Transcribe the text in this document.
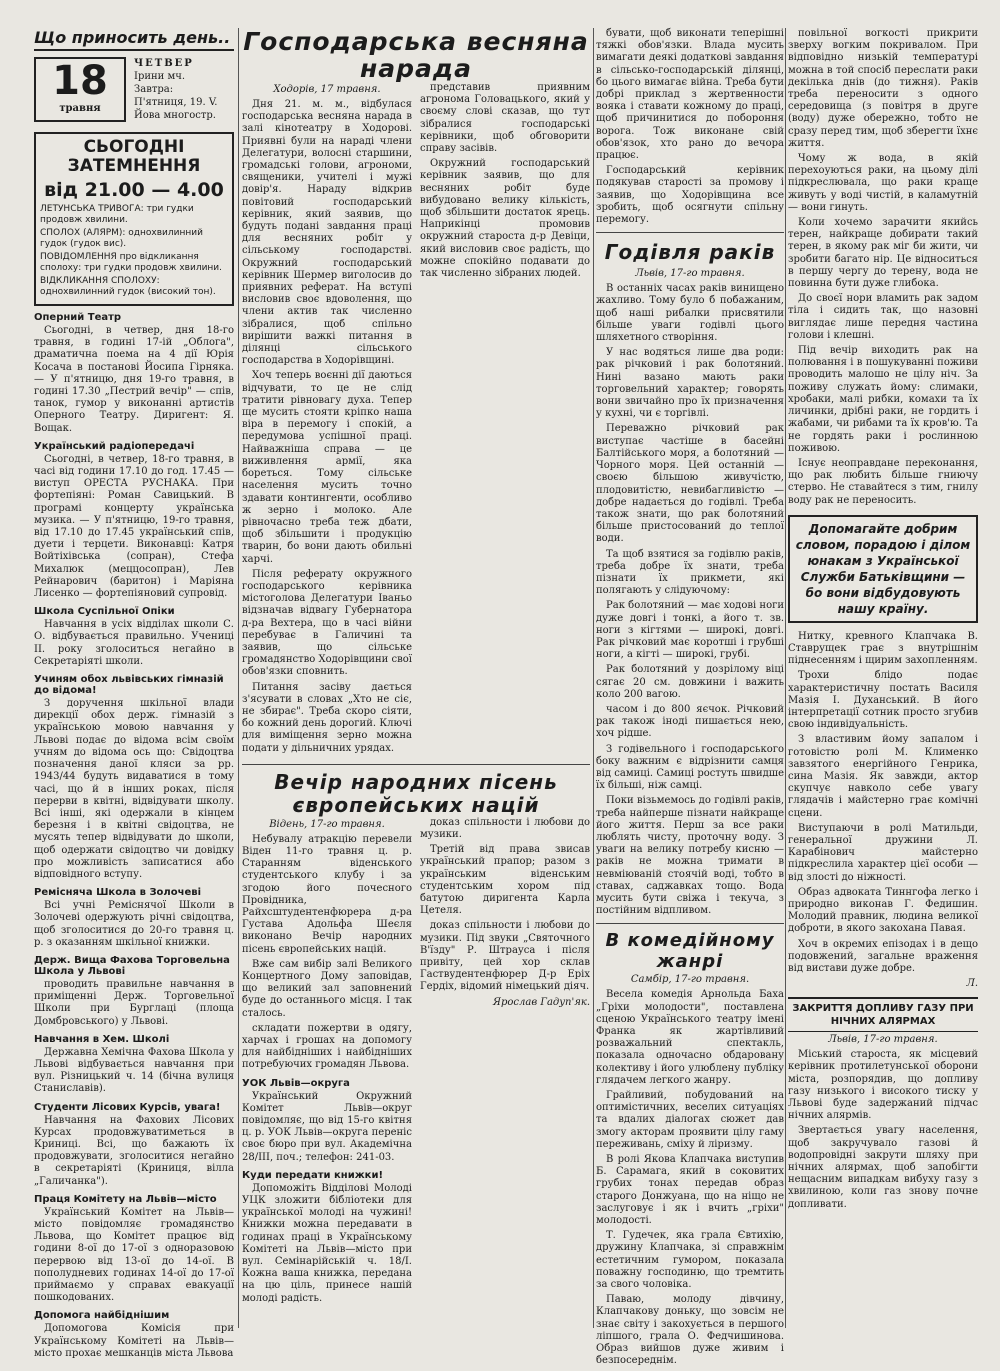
Що приносить день..
18
травня
ЧЕТВЕР
Ірини мч.
Завтра:
П'ятниця, 19. V.
Йова многостр.
СЬОГОДНІ ЗАТЕМНЕННЯ
від 21.00 — 4.00
ЛЕТУНСЬКА ТРИВОГА: три гудки продовж хвилини.
СПОЛОХ (АЛЯРМ): однохвилинний гудок (гудок вис).
ПОВІДОМЛЕННЯ про відкликання сполоху: три гудки продовж хвилини.
ВІДКЛИКАННЯ СПОЛОХУ: однохвилинний гудок (високий тон).
Оперний Театр

Сьогодні, в четвер, дня 18-го травня, в годині 17-ій „Облога", драматична поема на 4 дії Юрія Косача в постанові Йосипа Гірняка. — У п'ятницю, дня 19-го травня, в годині 17.30 „Пестрий вечір" — спів, танок, гумор у виконанні артистів Оперного Театру. Диригент: Я. Вощак.

Український радіопередачі

Сьогодні, в четвер, 18-го травня, в часі від години 17.10 до год. 17.45 — виступ ОРЕСТА РУСНАКА. При фортепіяні: Роман Савицький. В програмі концерту українська музика. — У п'ятницю, 19-го травня, від 17.10 до 17.45 український спів, дуети і терцети. Виконавці: Катря Войтіхівська (сопран), Стефа Михалюк (меццосопран), Лев Рейнарович (баритон) і Маріяна Лисенко — фортепіяновий супровід.

Школа Суспільної Опіки

Навчання в усіх відділах школи С. О. відбувається правильно. Учениці II. року зголоситься негайно в Секретаріяті школи.

Учиням обох львівських гімназій до відома!

З доручення шкільної влади дирекції обох держ. гімназій з українською мовою навчання у Львові подає до відома всім своїм учням до відома ось що: Свідоцтва позначення даної кляси за рр. 1943/44 будуть видаватися в тому часі, що й в інших роках, після перерви в квітні, відвідувати школу. Всі інші, які одержали в кінцем березня і в квітні свідоцтва, не мусять тепер відвідувати до школи, щоб одержати свідоцтво чи довідку про можливість записатися або відповідного вступу.

Ремісняча Школа в Золочеві

Всі учні Реміснячої Школи в Золочеві одержують річні свідоцтва, щоб зголоситися до 20-го травня ц. р. з оказанням шкільної книжки.

Держ. Вища Фахова Торговельна Школа у Львові

проводить правильне навчання в приміщенні Держ. Торговельної Школи при Бурглаці (площа Домбровського) у Львові.

Навчання в Хем. Школі

Державна Хемічна Фахова Школа у Львові відбувається навчання при вул. Різницький ч. 14 (бічна вулиця Станиславів).

Студенти Лісових Курсів, увага!

Навчання на Фахових Лісових Курсах продовжуватиметься в Криниці. Всі, що бажають їх продовжувати, зголоситися негайно в секретаріяті (Криниця, вілла „Галичанка").

Праця Комітету на Львів—місто

Український Комітет на Львів—місто повідомляє громадянство Львова, що Комітет працює від години 8-ої до 17-ої з одноразовою перервою від 13-ої до 14-ої. В пополудневих годинах 14-ої до 17-ої приймаємо у справах евакуації пошкодованих.

Допомога найбіднішим

Допомогова Комісія при Українському Комітеті на Львів—місто прохає мешканців міста Львова

Господарська весняна нарада
Ходорів, 17 травня.

Дня 21. м. м., відбулася господарська весняна нарада в залі кінотеатру в Ходорові. Приявні були на нараді члени Делегатури, волосні старшини, громадські голови, агрономи, священики, учителі і мужі довір'я. Нараду відкрив повітовий господарський керівник, який заявив, що будуть подані завдання праці для весняних робіт у сільському господарстві. Окружний господарський керівник Шермер виголосив до приявних реферат. На вступі висловив своє вдоволення, що члени актив так численно зібралися, щоб спільно вирішити важкі питання в ділянці сільського господарства в Ходорівщині.

Хоч теперь воєнні дії даються відчувати, то це не слід тратити рівновагу духа. Тепер ще мусить стояти кріпко наша віра в перемогу і спокій, а передумова успішної праці. Найважніша справа — це виживлення армії, яка бореться. Тому сільське населення мусить точно здавати контингенти, особливо ж зерно і молоко. Але рівночасно треба теж дбати, щоб збільшити і продукцію тварин, бо вони дають обильні харчі.

Після реферату окружного господарського керівника містоголова Делегатури Іваньо відзначав відвагу Губернатора д-ра Вехтера, що в часі війни перебуває в Галичині та заявив, що сільське громадянство Ходорівщини свої обов'язки сповнить.

Питання засіву дається з'ясувати в словах „Хто не сіє, не збирає". Треба скоро сіяти, бо кожний день дорогий. Ключі для виміщення зерно можна подати у дільничних урядах.

представив приявним агронома Головацького, який у своєму слові сказав, що тут зібралися господарські керівники, щоб обговорити справу засівів.

Окружний господарський керівник заявив, що для весняних робіт буде вибудовано велику кількість, щоб збільшити достаток ярець. Наприкінці промовив окружний староста д-р Девіци, який висловив своє радість, що можне спокійно подавати до так численно зібраних людей.

Вечір народних пісень європейських націй
Відень, 17-го травня.

Небувалу атракцію перевели Віден 11-го травня ц. р. Старанням віденського студентського клубу і за згодою його почесного Провідника, Райхсштудентенфюрера д-ра Густава Адольфа Шеєля виконано Вечір народних пісень європейських націй.

Вже сам вибір залі Великого Концертного Дому заповідав, що великий зал заповнений буде до останнього місця. І так сталось.

складати пожертви в одягу, харчах і грошах на допомогу для найбідніших і найбідніших потребуючих громадян Львова.

УОК Львів—округа

Український Окружний Комітет Львів—округ повідомляє, що від 15-го квітня ц. р. УОК Львів—округа переніс своє бюро при вул. Академічна 28/III, поч.; телефон: 241-03.

Куди передати книжки!

Допоможіть Відділові Молоді УЦК зложити бібліотеки для української молоді на чужині! Книжки можна передавати в годинах праці в Українському Комітеті на Львів—місто при вул. Семінарійській ч. 18/I. Кожна ваша книжка, передана на цю ціль, принесе нашій молоді радість.

доказ спільности і любови до музики.

Третій від права звисав український прапор; разом з українським віденським студентським хором під батутою диригента Карла Цетеля.

доказ спільности і любови до музики. Під звуки „Святочного В'їзду" Р. Штрауса і після привіту, цей хор склав Гаствудентенфюрер Д-р Еріх Гердіх, відомий німецький діяч.

Ярослав Гадуп'як.

бувати, щоб виконати теперішні тяжкі обов'язки. Влада мусить вимагати деякі додаткові завдання в сільсько-господарській ділянці, бо цього вимагає війна. Треба бути добрі приклад з жертвенности вояка і ставати кожному до праці, щоб причинитися до побороння ворога. Тож виконане свій обов'язок, хто рано до вечора працює.

Господарський керівник подякував старості за промову і заявив, що Ходорівщина все зробить, щоб осягнути спільну перемогу.

Годівля раків
Львів, 17-го травня.

В останніх часах раків винищено жахливо. Тому було б побажаним, щоб наші рибалки присвятили більше уваги годівлі цього шляхетного створіння.

У нас водяться лише два роди: рак річковий і рак болотяний. Нині вазано мають раки торговельний характер; говорять вони звичайно про їх призначення у кухні, чи є торгівлі.

Переважно річковий рак виступає частіше в басейні Балтійського моря, а болотяний — Чорного моря. Цей останній — своєю більшою живучістю, плодовитістю, невибагливістю — добре надається до годівлі. Треба також знати, що рак болотяний більше пристосований до теплої води.

Та щоб взятися за годівлю раків, треба добре їх знати, треба пізнати їх прикмети, які полягають у слідуючому:

Рак болотяний — має ходові ноги дуже довгі і тонкі, а його т. зв. ноги з кігтями — широкі, довгі. Рак річковий має коротші і грубші ноги, а кігті — широкі, грубі.

Рак болотяний у дозрілому віці сягає 20 см. довжини і важить коло 200 вагою.

часом і до 800 яєчок. Річковий рак також іноді пишається нею, хоч рідше.

З годівельного і господарського боку важним є відрізнити самця від самиці. Самиці ростуть швидше їх більші, ніж самці.

Поки візьмемось до годівлі раків, треба найперше пізнати найкраще його життя. Перш за все раки люблять чисту, проточну воду. З уваги на велику потребу кисню — раків не можна тримати в невміюваній стоячій воді, тобто в ставах, саджавках тощо. Вода мусить бути свіжа і текуча, з постійним відпливом.

В комедійному жанрі
Самбір, 17-го травня.

Весела комедія Арнольда Баха „Гріхи молодости", поставлена сценою Українського театру імені Франка як жартівливий розважальний спектакль, показала одночасно обдаровану колективу і його улюблену публіку глядачем легкого жанру.

Грайливий, побудований на оптимістичних, веселих ситуаціях та вдалих діалогах сюжет дав змогу акторам проявити цілу гаму переживань, сміху й ліризму.

В ролі Якова Клапчака виступив Б. Сарамага, який в соковитих грубих тонах передав образ старого Донжуана, що на ніщо не заслуговує і як і вчить „гріхи" молодості.

Т. Гудечек, яка грала Євтихію, дружину Клапчака, зі справжнім естетичним гумором, показала поважну господиню, що тремтить за свого чоловіка.

Паваю, молоду дівчину, Клапчакову доньку, що зовсім не знає світу і закохується в першого ліпшого, грала О. Федчишинова. Образ вийшов дуже живим і безпосереднім.

повільної вогкості прикрити зверху вогким покривалом. При відповідно низькій температурі можна в той спосіб переслати раки декілька днів (до тижня). Раків треба переносити з одного середовища (з повітря в друге (воду) дуже обережно, тобто не сразу перед тим, щоб зберегти їхнє життя.

Чому ж вода, в якій перехоуються раки, на цьому ділі підкреслювала, що раки краще живуть у воді чистій, в каламутній — вони гинуть.

Коли хочемо зарачити якийсь терен, найкраще добирати такий терен, в якому рак міг би жити, чи зробити багато нір. Це відноситься в першу чергу до терену, вода не повинна бути дуже глибока.

До своєї нори вламить рак задом тіла і сидить так, що назовні виглядає лише передня частина голови і клешні.

Під вечір виходить рак на полювання і в пошукуванні поживи проводить малошо не цілу ніч. За поживу служать йому: слимаки, хробаки, малі рибки, комахи та їх личинки, дрібні раки, не гордить і жабами, чи рибами та їх кров'ю. Та не гордять раки і рослинною поживою.

Існує неоправдане переконання, що рак любить більше гниючу стерво. Не ставайтеся з тим, гнилу воду рак не переносить.

Допомагайте добрим словом, порадою і ділом юнакам з Української Служби Батьківщини — бо вони відбудовують нашу країну.

Нитку, кревного Клапчака В. Ставрущек грає з внутрішнім піднесенням і щирим захопленням.

Трохи блідо подає характеристичну постать Василя Мазія І. Духанський. В його інтерпретації сотник просто згубив свою індивідуальність.

З властивим йому запалом і готовістю ролі М. Клименко завзятого енергійного Генрика, сина Мазія. Як завжди, актор скупчує навколо себе увагу глядачів і майстерно грає комічні сцени.

Виступаючи в ролі Матильди, генеральної дружини Л. Карабінович майстерно підкреслила характер цієї особи — від злості до ніжності.

Образ адвоката Тиннгофа легко і природно виконав Г. Федишин. Молодий правник, людина великої доброти, в якого закохана Павая.

Хоч в окремих епізодах і в дещо подовжений, загальне враження від вистави дуже добре.

Л.
ЗАКРИТТЯ ДОПЛИВУ ГАЗУ ПРИ НІЧНИХ АЛЯРМАХ
Львів, 17-го травня.

Міський староста, як місцевий керівник протилетунської оборони міста, розпорядив, що допливу газу низького і високого тиску у Львові буде задержаний підчас нічних алярмів.

Звертається увагу населення, щоб закручувало газові й водопровідні закрути шляху при нічних алярмах, щоб запобігти нещасним випадкам вибуху газу з хвилиною, коли газ знову почне допливати.
